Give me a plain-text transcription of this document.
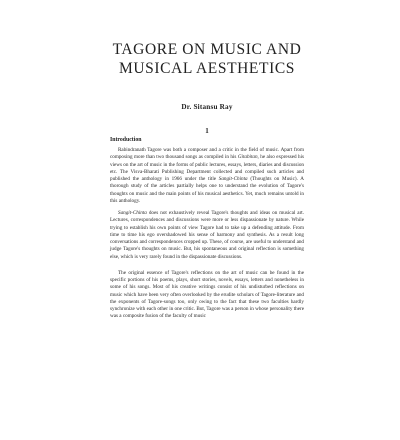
TAGORE ON MUSIC AND
MUSICAL AESTHETICS
Dr. Sitansu Ray
1
Introduction

Rabindranath Tagore was both a composer and a critic in the field of music. Apart from composing more than two thousand songs as compiled in his Gitabitan, he also expressed his views on the art of music in the forms of public lectures, essays, letters, diaries and discussion etc. The Visva-Bharati Publishing Department collected and compiled such articles and published the anthology in 1966 under the title Sangit-Chinta (Thoughts on Music). A thorough study of the articles partially helps one to understand the evolution of Tagore's thoughts on music and the main points of his musical aesthetics. Yet, much remains untold in this anthology.

Sangit-Chinta does not exhaustively reveal Tagore's thoughts and ideas on musical art. Lectures, correspondences and discussions were more or less dispassionate by nature. While trying to establish his own points of view Tagore had to take up a defending attitude. From time to time his ego overshadowed his sense of harmony and synthesis. As a result long conversations and correspondences cropped up. These, of course, are useful to understand and judge Tagore's thoughts on music. But, his spontaneous and original reflection is something else, which is very rarely found in the dispassionate discussions.

The original essence of Tagore's reflections on the art of music can be found in the specific portions of his poems, plays, short stories, novels, essays, letters and nonetheless in some of his songs. Most of his creative writings consist of his undisturbed reflections on music which have been very often overlooked by the erudite scholars of Tagore-literature and the exponents of Tagore-songs too, only owing to the fact that these two faculties hardly synchronize with each other in one critic. But, Tagore was a person in whose personality there was a composite fusion of the faculty of music
